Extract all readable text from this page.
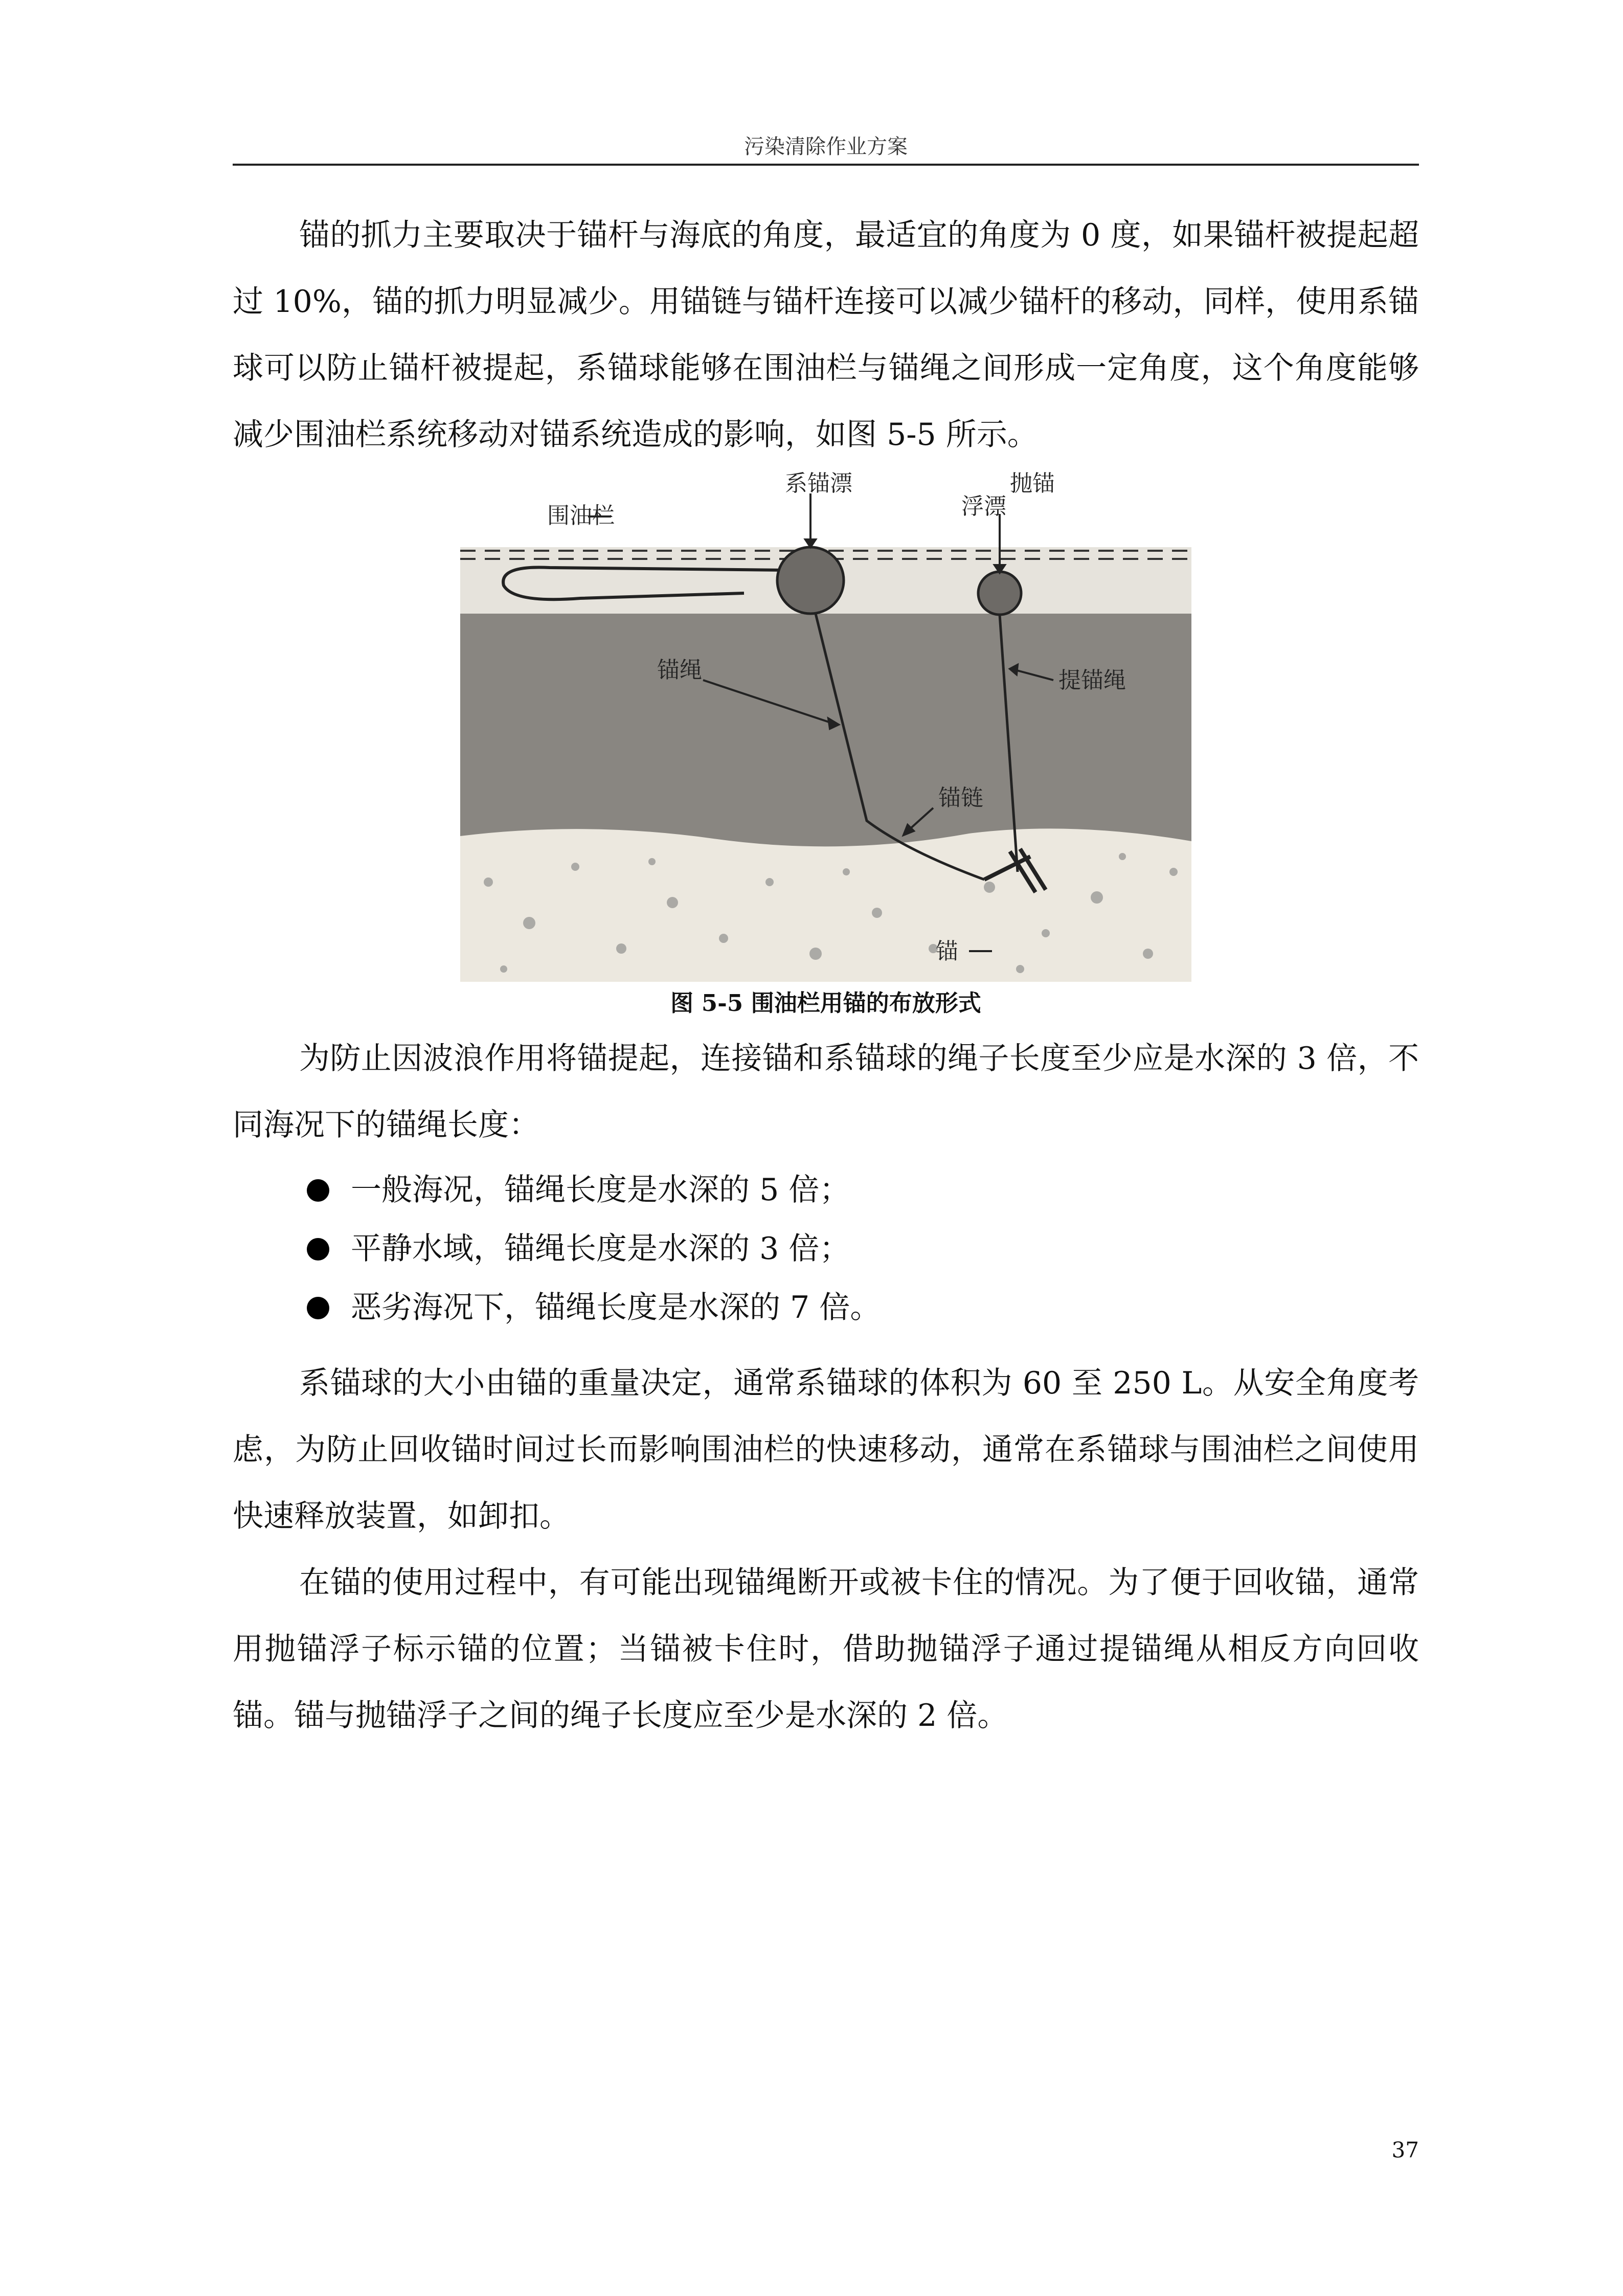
污染清除作业方案

锚的抓力主要取决于锚杆与海底的角度，最适宜的角度为 0 度，如果锚杆被提起超过 10%，锚的抓力明显减少。用锚链与锚杆连接可以减少锚杆的移动，同样，使用系锚球可以防止锚杆被提起，系锚球能够在围油栏与锚绳之间形成一定角度，这个角度能够减少围油栏系统移动对锚系统造成的影响，如图 5-5 所示。

围油栏
系锚漂	抛锚
浮漂
锚绳	提锚绳
锚链
锚
图 5-5 围油栏用锚的布放形式

为防止因波浪作用将锚提起，连接锚和系锚球的绳子长度至少应是水深的 3 倍，不同海况下的锚绳长度：

一般海况，锚绳长度是水深的 5 倍；
平静水域，锚绳长度是水深的 3 倍；
恶劣海况下，锚绳长度是水深的 7 倍。

系锚球的大小由锚的重量决定，通常系锚球的体积为 60 至 250 L。从安全角度考虑，为防止回收锚时间过长而影响围油栏的快速移动，通常在系锚球与围油栏之间使用快速释放装置，如卸扣。

在锚的使用过程中，有可能出现锚绳断开或被卡住的情况。为了便于回收锚，通常用抛锚浮子标示锚的位置；当锚被卡住时，借助抛锚浮子通过提锚绳从相反方向回收锚。锚与抛锚浮子之间的绳子长度应至少是水深的 2 倍。

37
